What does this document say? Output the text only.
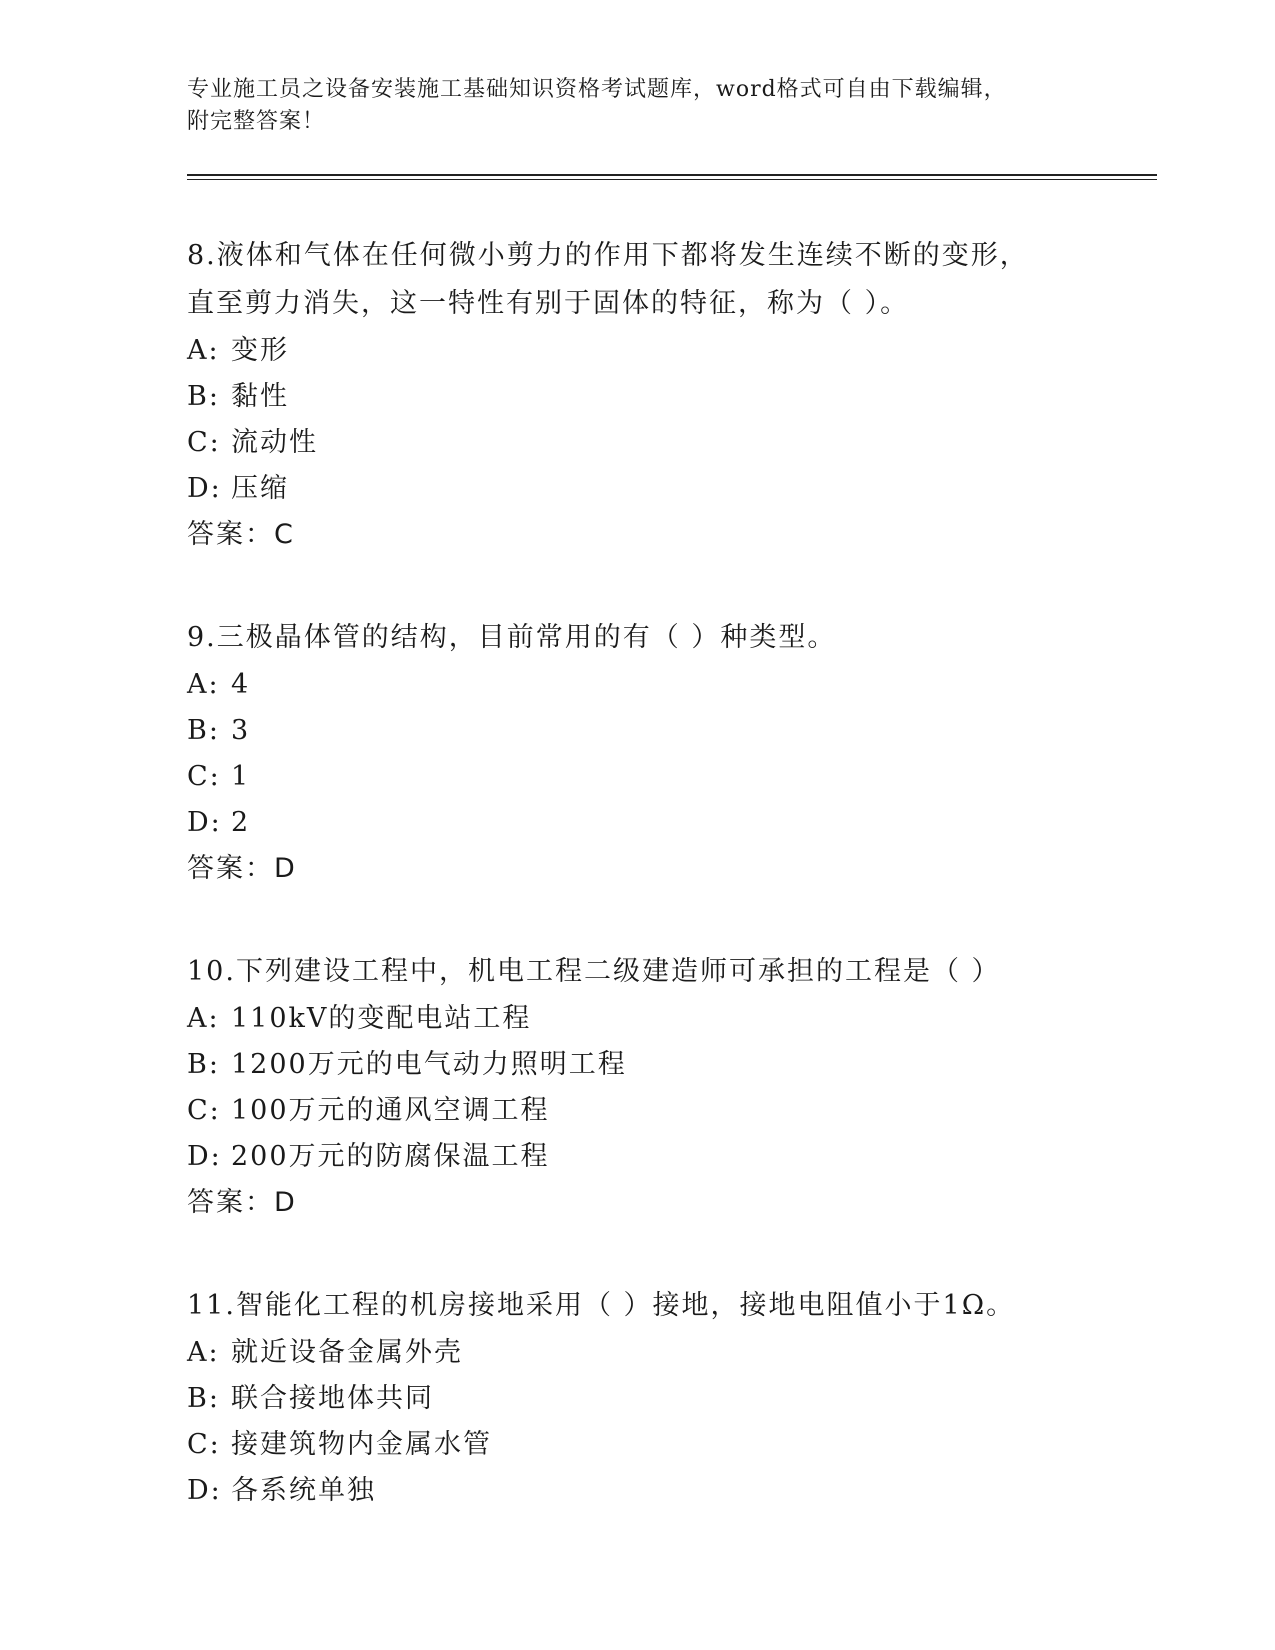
专业施工员之设备安装施工基础知识资格考试题库，word格式可自由下载编辑，

附完整答案！

8.液体和气体在任何微小剪力的作用下都将发生连续不断的变形，直至剪力消失，这一特性有别于固体的特征，称为（ ）。

A: 变形

B: 黏性

C: 流动性

D: 压缩

答案：C

9.三极晶体管的结构，目前常用的有（ ）种类型。

A: 4

B: 3

C: 1

D: 2

答案：D

10.下列建设工程中，机电工程二级建造师可承担的工程是（ ）

A: 110kV的变配电站工程

B: 1200万元的电气动力照明工程

C: 100万元的通风空调工程

D: 200万元的防腐保温工程

答案：D

11.智能化工程的机房接地采用（ ）接地，接地电阻值小于1Ω。

A: 就近设备金属外壳

B: 联合接地体共同

C: 接建筑物内金属水管

D: 各系统单独
